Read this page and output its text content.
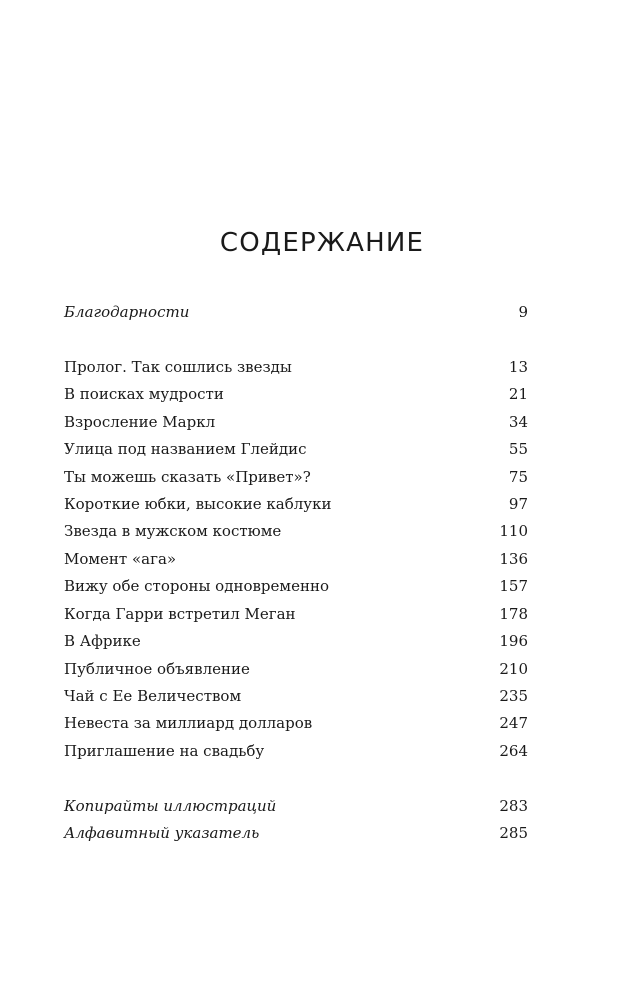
СОДЕРЖАНИЕ
Благодарности	9
Пролог. Так сошлись звезды	13
В поисках мудрости	21
Взросление Маркл	34
Улица под названием Глейдис	55
Ты можешь сказать «Привет»?	75
Короткие юбки, высокие каблуки	97
Звезда в мужском костюме	110
Момент «ага»	136
Вижу обе стороны одновременно	157
Когда Гарри встретил Меган	178
В Африке	196
Публичное объявление	210
Чай с Ее Величеством	235
Невеста за миллиард долларов	247
Приглашение на свадьбу	264
Копирайты иллюстраций	283
Алфавитный указатель	285
